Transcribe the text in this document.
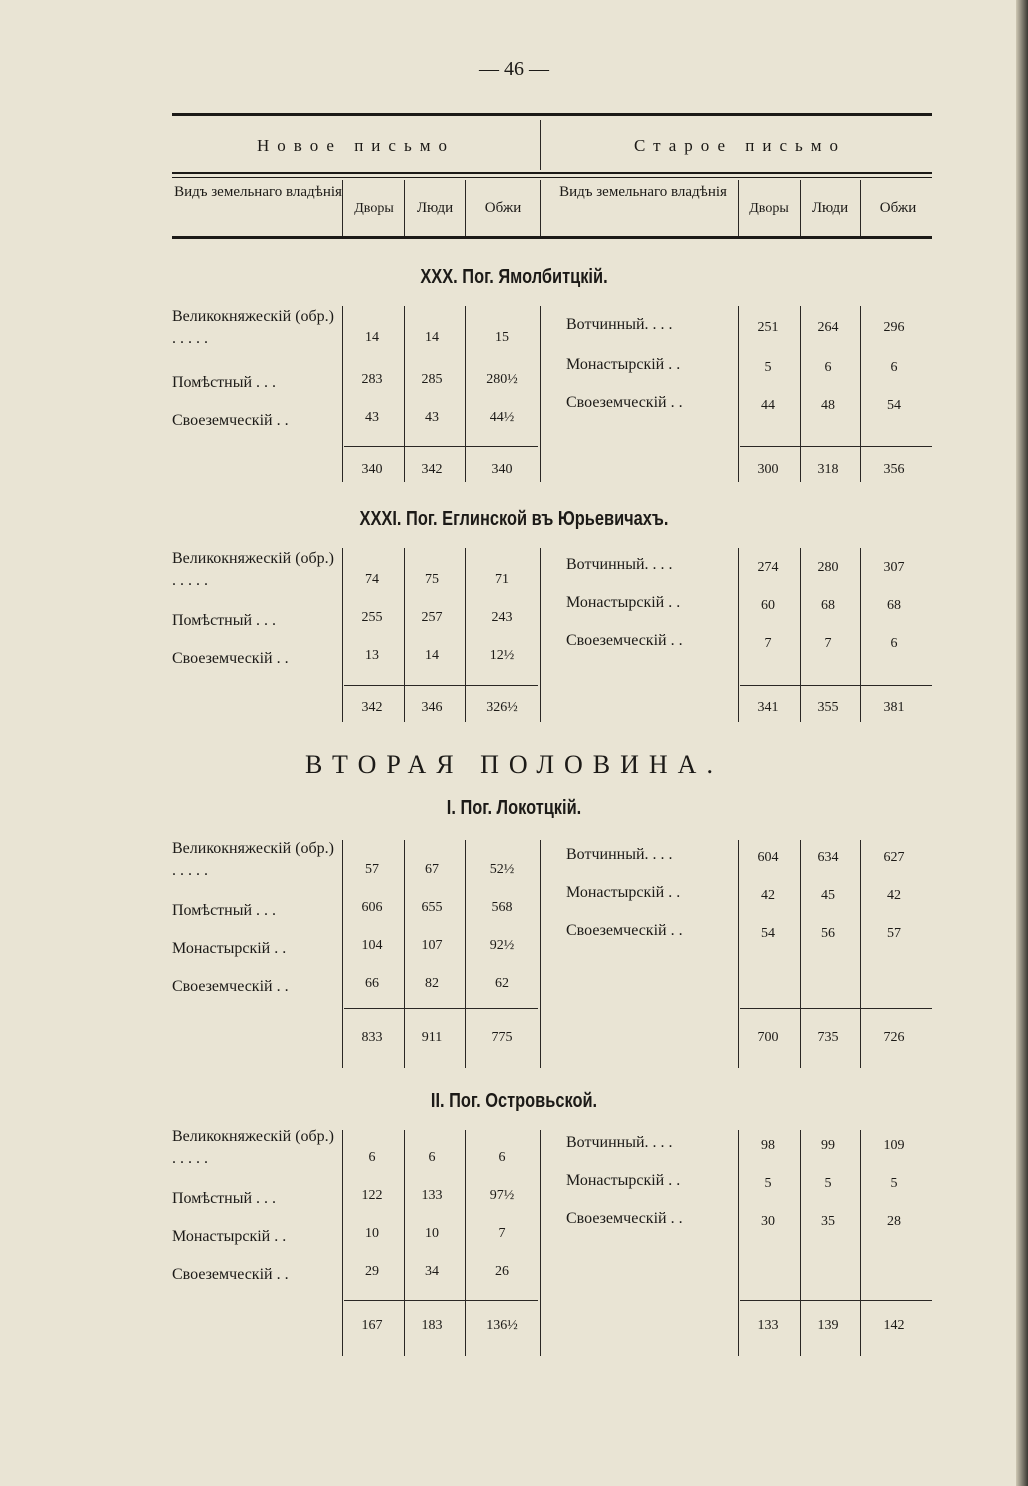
— 46 —
Новое письмо	Старое письмо
Видъ земельнаго владѣнія
Дворы	Люди	Обжи
Видъ земельнаго владѣнія
Дворы	Люди	Обжи
XXX. Пог. Ямолбитцкій.
XXXI. Пог. Еглинской въ Юрьевичахъ.
ВТОРАЯ ПОЛОВИНА.
I. Пог. Локотцкій.
II. Пог. Островьской.
Великокняжескій (обр.) . . . . .	14	14	15
Помѣстный . . .	283	285	280½
Своеземческій . .	43	43	44½
340	342	340
Вотчинный. . . .	251	264	296
Монастырскій . .	5	6	6
Своеземческій . .	44	48	54
300	318	356
Великокняжескій (обр.) . . . . .	74	75	71
Помѣстный . . .	255	257	243
Своеземческій . .	13	14	12½
342	346	326½
Вотчинный. . . .	274	280	307
Монастырскій . .	60	68	68
Своеземческій . .	7	7	6
341	355	381
Великокняжескій (обр.) . . . . .	57	67	52½
Помѣстный . . .	606	655	568
Монастырскій . .	104	107	92½
Своеземческій . .	66	82	62
833	911	775
Вотчинный. . . .	604	634	627
Монастырскій . .	42	45	42
Своеземческій . .	54	56	57
700	735	726
Великокняжескій (обр.) . . . . .	6	6	6
Помѣстный . . .	122	133	97½
Монастырскій . .	10	10	7
Своеземческій . .	29	34	26
167	183	136½
Вотчинный. . . .	98	99	109
Монастырскій . .	5	5	5
Своеземческій . .	30	35	28
133	139	142
